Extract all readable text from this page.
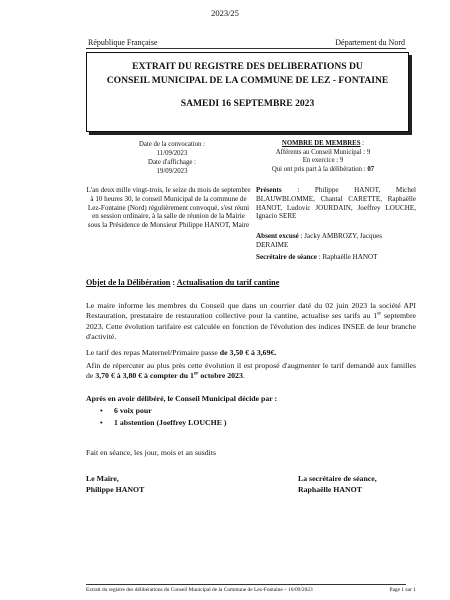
2023/25
République Française	Département du Nord
EXTRAIT DU REGISTRE DES DELIBERATIONS DU
CONSEIL MUNICIPAL DE LA COMMUNE DE LEZ - FONTAINE
SAMEDI 16 SEPTEMBRE 2023
Date de la convocation :
11/09/2023
Date d'affichage :
19/09/2023
NOMBRE DE MEMBRES :
Afférents au Conseil Municipal : 9
En exercice : 9
Qui ont pris part à la délibération : 07
L'an deux mille vingt-trois, le seize du mois de septembre à 10 heures 30, le conseil Municipal de la commune de Lez-Fontaine (Nord) régulièrement convoqué, s'est réuni en session ordinaire, à la salle de réunion de la Mairie sous la Présidence de Monsieur Philippe HANOT, Maire
Présents : Philippe HANOT, Michel BLAUWBLOMME, Chantal CARETTE, Raphaëlle HANOT, Ludovic JOURDAIN, Joeffrey LOUCHE, Ignacio SERE
Absent excusé : Jacky AMBROZY, Jacques DERAIME
Secrétaire de séance : Raphaëlle HANOT
Objet de la Délibération : Actualisation du tarif cantine
Le maire informe les membres du Conseil que dans un courrier daté du 02 juin 2023 la société API Restauration, prestataire de restauration collective pour la cantine, actualise ses tarifs au 1er septembre 2023. Cette évolution tarifaire est calculée en fonction de l'évolution des indices INSEE de leur branche d'activité.
Le tarif des repas Maternel/Primaire passe de 3,50 € à 3,69€.
Afin de répercuter au plus près cette évolution il est proposé d'augmenter le tarif demandé aux familles de 3,70 € à 3,80 € à compter du 1er octobre 2023.
Après en avoir délibéré, le Conseil Municipal décide par :
• 6 voix pour
• 1 abstention (Joeffrey LOUCHE )
Fait en séance, les jour, mois et an susdits
Le Maire,
Philippe HANOT
La secrétaire de séance,
Raphaëlle HANOT
Extrait du registre des délibérations du Conseil Municipal de la Commune de Lez-Fontaine – 16/09/2023	Page 1 sur 1
